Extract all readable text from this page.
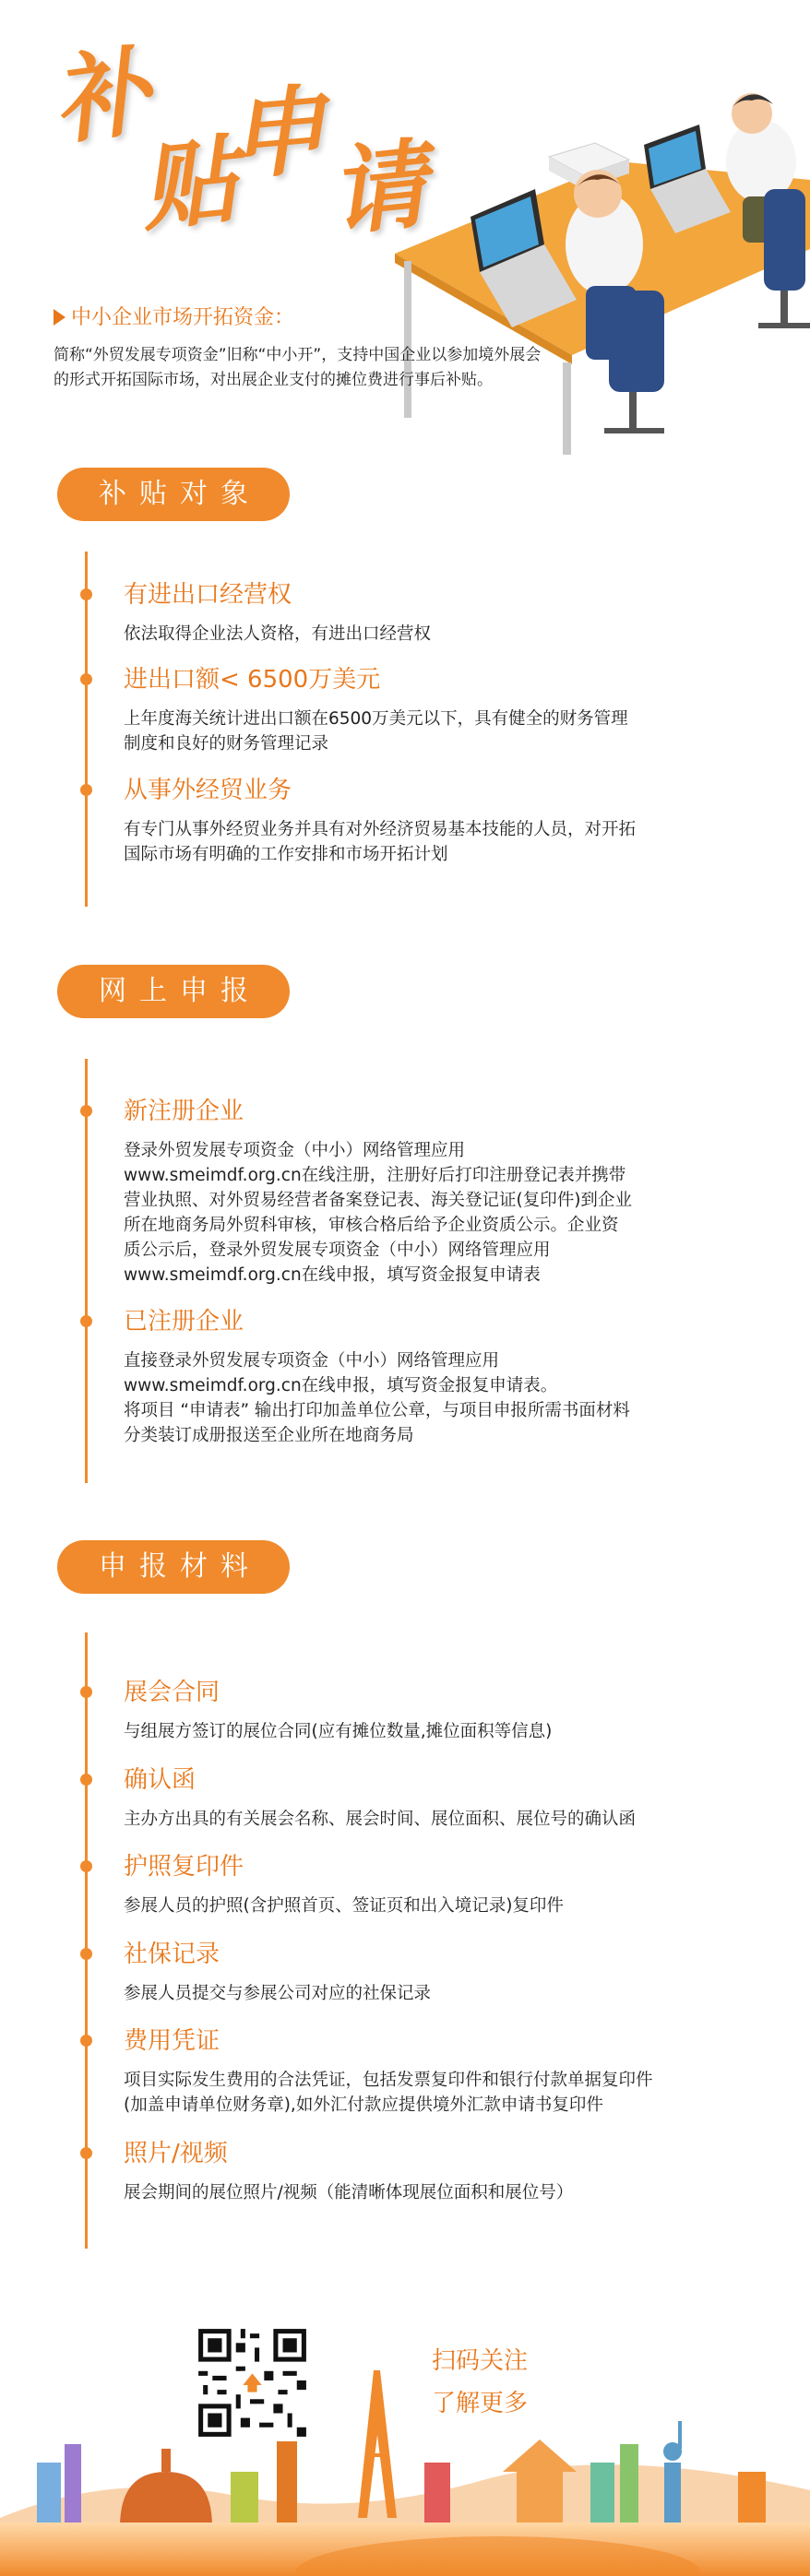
补
贴
申 请
中小企业市场开拓资金：
简称“外贸发展专项资金”旧称“中小开”，支持中国企业以参加境外展会的形式开拓国际市场，对出展企业支付的摊位费进行事后补贴。
补贴对象
有进出口经营权
依法取得企业法人资格，有进出口经营权
进出口额< 6500万美元
上年度海关统计进出口额在6500万美元以下，具有健全的财务管理
制度和良好的财务管理记录
从事外经贸业务
有专门从事外经贸业务并具有对外经济贸易基本技能的人员，对开拓
国际市场有明确的工作安排和市场开拓计划
网上申报
新注册企业
登录外贸发展专项资金（中小）网络管理应用
www.smeimdf.org.cn在线注册，注册好后打印注册登记表并携带
营业执照、对外贸易经营者备案登记表、海关登记证(复印件)到企业
所在地商务局外贸科审核，审核合格后给予企业资质公示。企业资
质公示后，登录外贸发展专项资金（中小）网络管理应用
www.smeimdf.org.cn在线申报，填写资金报复申请表
已注册企业
直接登录外贸发展专项资金（中小）网络管理应用
www.smeimdf.org.cn在线申报，填写资金报复申请表。
将项目 “申请表” 输出打印加盖单位公章，与项目申报所需书面材料
分类装订成册报送至企业所在地商务局
申报材料
展会合同
与组展方签订的展位合同(应有摊位数量,摊位面积等信息)
确认函
主办方出具的有关展会名称、展会时间、展位面积、展位号的确认函
护照复印件
参展人员的护照(含护照首页、签证页和出入境记录)复印件
社保记录
参展人员提交与参展公司对应的社保记录
费用凭证
项目实际发生费用的合法凭证，包括发票复印件和银行付款单据复印件
(加盖申请单位财务章),如外汇付款应提供境外汇款申请书复印件
照片/视频
展会期间的展位照片/视频（能清晰体现展位面积和展位号）
扫码关注
了解更多
